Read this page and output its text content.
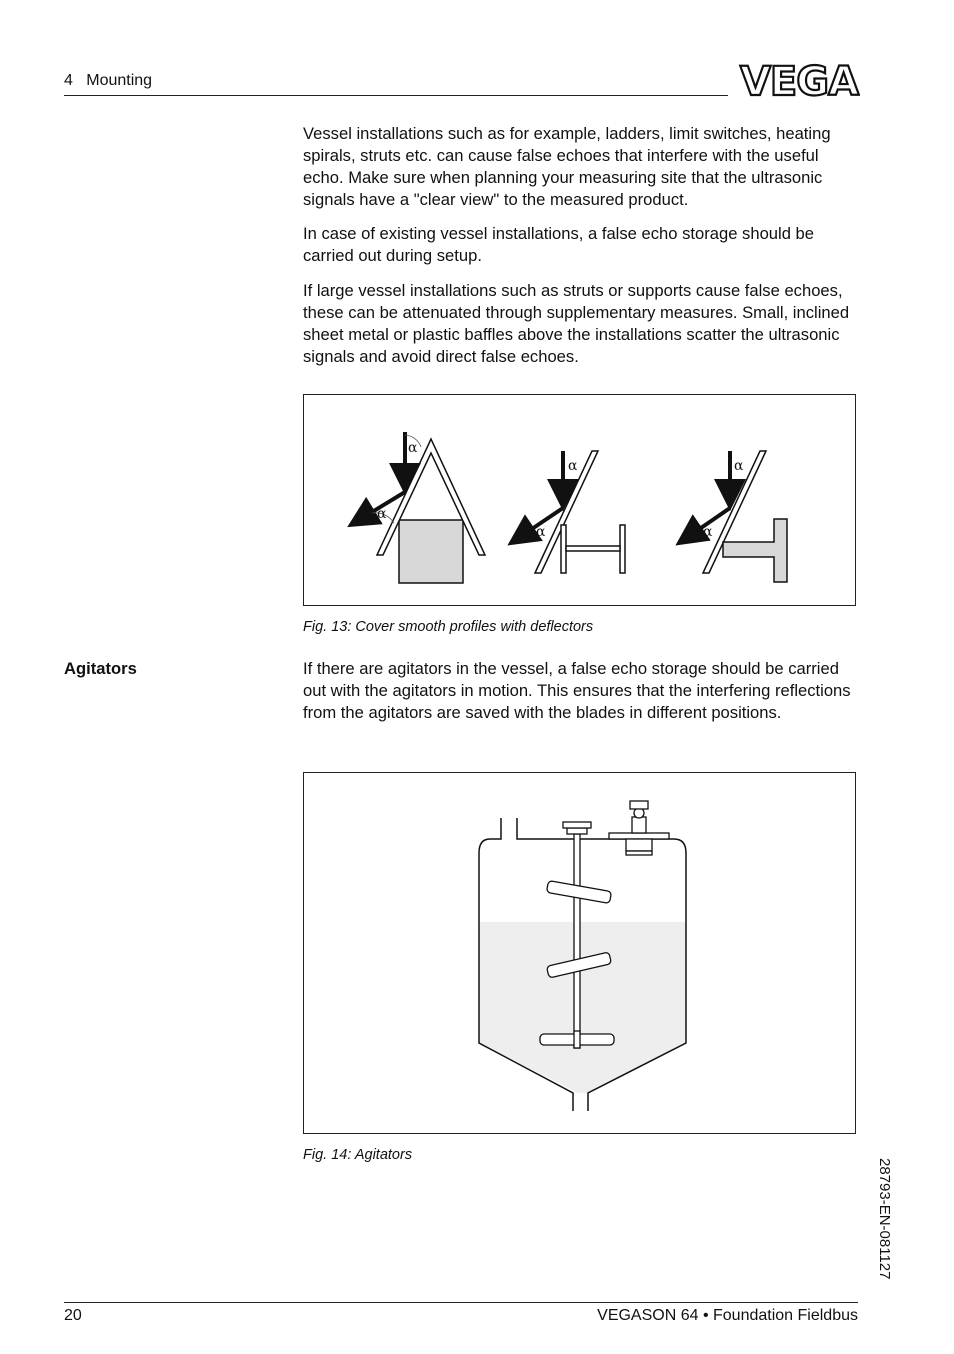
4   Mounting	VEGA

Vessel installations such as for example, ladders, limit switches, heating spirals, struts etc. can cause false echoes that interfere with the useful echo. Make sure when planning your measuring site that the ultrasonic signals have a "clear view" to the measured product.

In case of existing vessel installations, a false echo storage should be carried out during setup.

If large vessel installations such as struts or supports cause false echoes, these can be attenuated through supplementary measures. Small, inclined sheet metal or plastic baffles above the installations scatter the ultrasonic signals and avoid direct false echoes.

α
α
α
α
α
α
Fig. 13: Cover smooth profiles with deflectors
Agitators	If there are agitators in the vessel, a false echo storage should be carried out with the agitators in motion. This ensures that the interfering reflections from the agitators are saved with the blades in different positions.

Fig. 14: Agitators
28793-EN-081127
20	VEGASON 64 • Foundation Fieldbus
